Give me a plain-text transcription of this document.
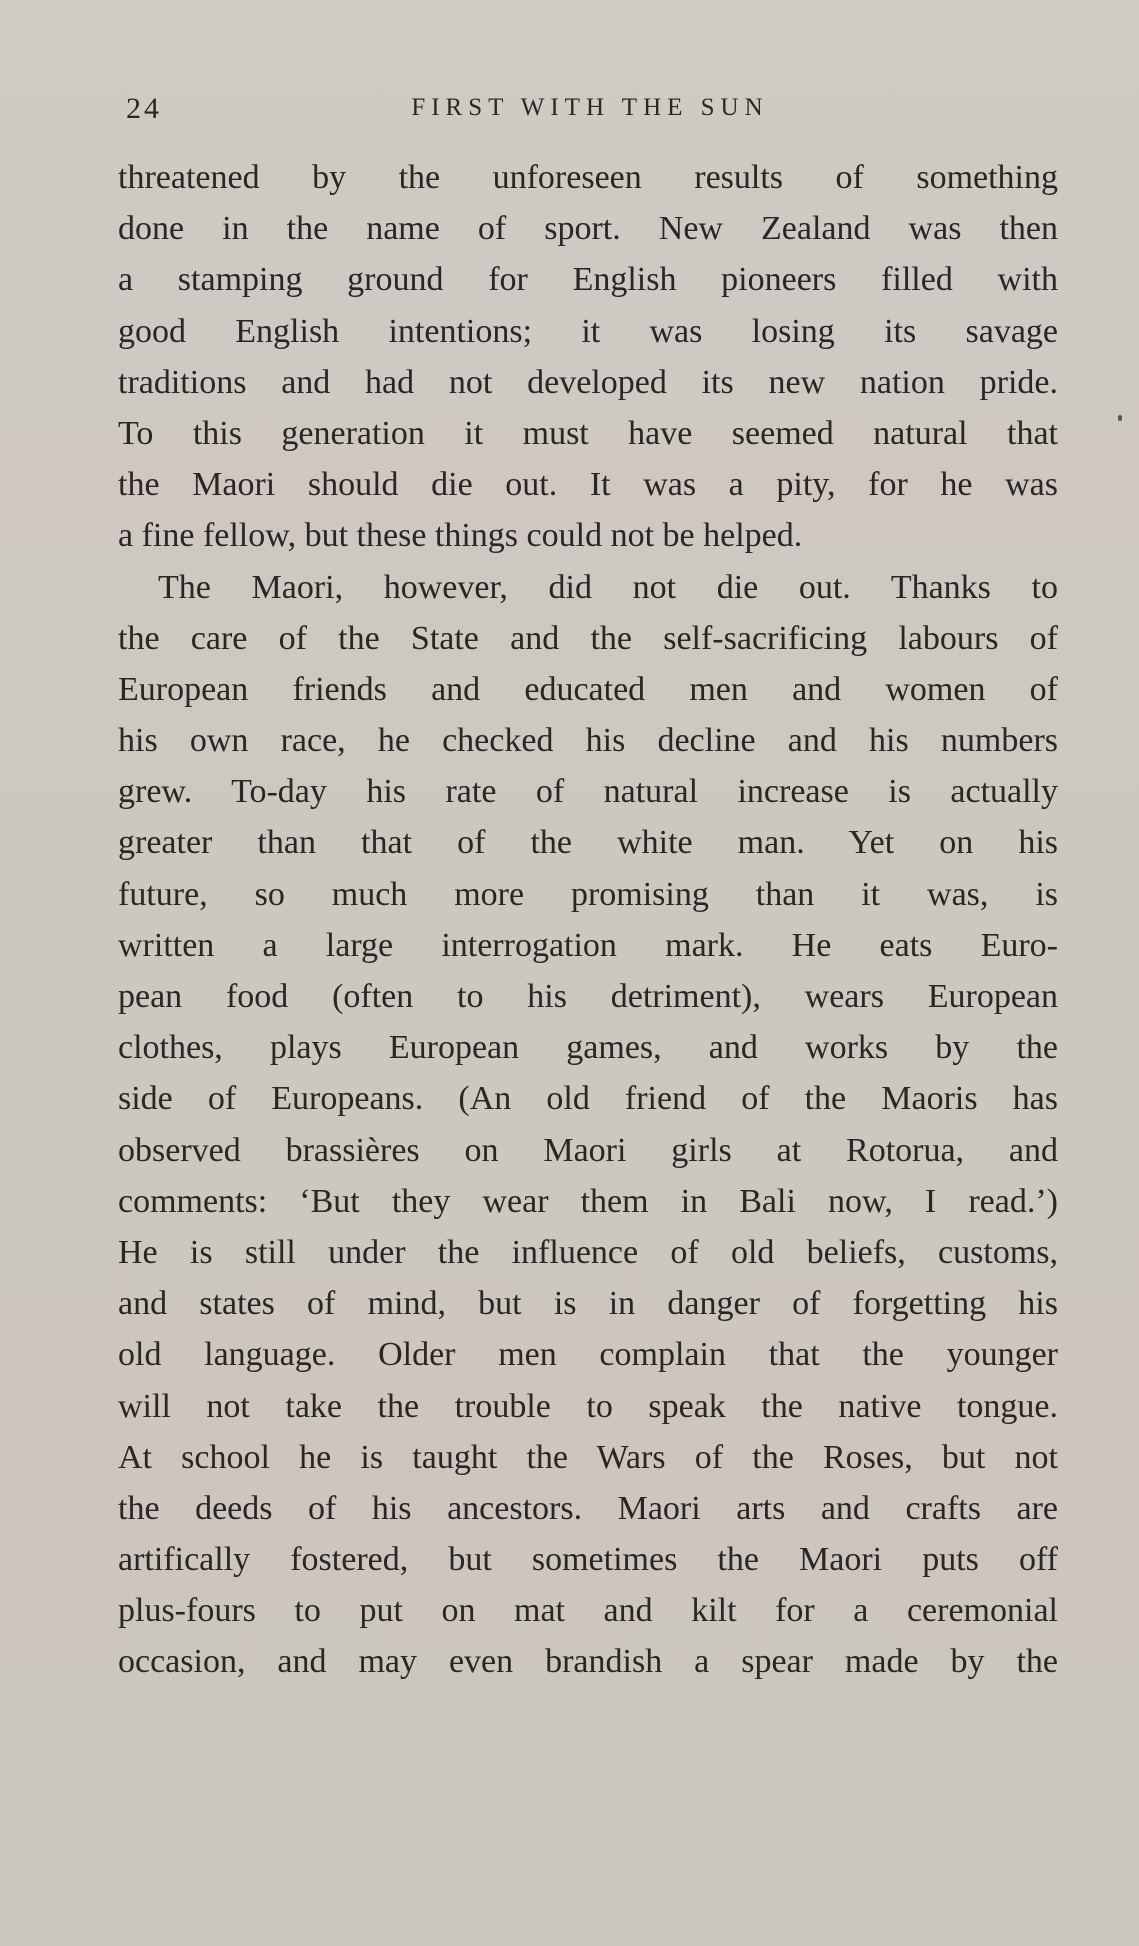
24	FIRST WITH THE SUN
threatened by the unforeseen results of something
done in the name of sport. New Zealand was then
a stamping ground for English pioneers filled with
good English intentions; it was losing its savage
traditions and had not developed its new nation pride.
To this generation it must have seemed natural that
the Maori should die out. It was a pity, for he was
a fine fellow, but these things could not be helped.
The Maori, however, did not die out. Thanks to
the care of the State and the self-sacrificing labours of
European friends and educated men and women of
his own race, he checked his decline and his numbers
grew. To-day his rate of natural increase is actually
greater than that of the white man. Yet on his
future, so much more promising than it was, is
written a large interrogation mark. He eats Euro-
pean food (often to his detriment), wears European
clothes, plays European games, and works by the
side of Europeans. (An old friend of the Maoris has
observed brassières on Maori girls at Rotorua, and
comments: ‘But they wear them in Bali now, I read.’)
He is still under the influence of old beliefs, customs,
and states of mind, but is in danger of forgetting his
old language. Older men complain that the younger
will not take the trouble to speak the native tongue.
At school he is taught the Wars of the Roses, but not
the deeds of his ancestors. Maori arts and crafts are
artifically fostered, but sometimes the Maori puts off
plus-fours to put on mat and kilt for a ceremonial
occasion, and may even brandish a spear made by the
